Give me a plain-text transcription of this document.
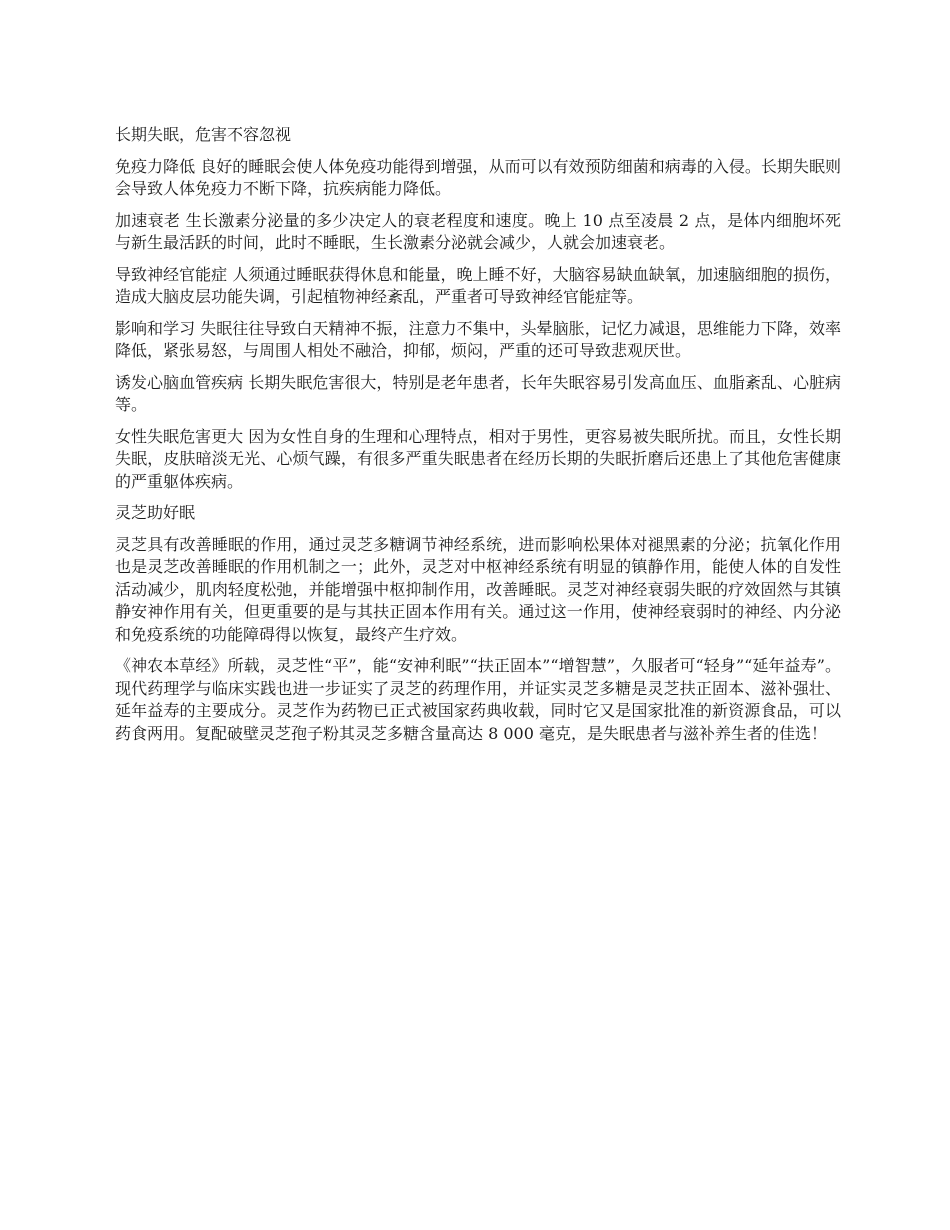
长期失眠，危害不容忽视

免疫力降低 良好的睡眠会使人体免疫功能得到增强，从而可以有效预防细菌和病毒的入侵。长期失眠则会导致人体免疫力不断下降，抗疾病能力降低。

加速衰老 生长激素分泌量的多少决定人的衰老程度和速度。晚上 10 点至凌晨 2 点，是体内细胞坏死与新生最活跃的时间，此时不睡眠，生长激素分泌就会减少，人就会加速衰老。

导致神经官能症 人须通过睡眠获得休息和能量，晚上睡不好，大脑容易缺血缺氧，加速脑细胞的损伤，造成大脑皮层功能失调，引起植物神经紊乱，严重者可导致神经官能症等。

影响和学习 失眠往往导致白天精神不振，注意力不集中，头晕脑胀，记忆力减退，思维能力下降，效率降低，紧张易怒，与周围人相处不融洽，抑郁，烦闷，严重的还可导致悲观厌世。

诱发心脑血管疾病 长期失眠危害很大，特别是老年患者，长年失眠容易引发高血压、血脂紊乱、心脏病等。

女性失眠危害更大 因为女性自身的生理和心理特点，相对于男性，更容易被失眠所扰。而且，女性长期失眠，皮肤暗淡无光、心烦气躁，有很多严重失眠患者在经历长期的失眠折磨后还患上了其他危害健康的严重躯体疾病。

灵芝助好眠

灵芝具有改善睡眠的作用，通过灵芝多糖调节神经系统，进而影响松果体对褪黑素的分泌；抗氧化作用也是灵芝改善睡眠的作用机制之一；此外，灵芝对中枢神经系统有明显的镇静作用，能使人体的自发性活动减少，肌肉轻度松弛，并能增强中枢抑制作用，改善睡眠。灵芝对神经衰弱失眠的疗效固然与其镇静安神作用有关，但更重要的是与其扶正固本作用有关。通过这一作用，使神经衰弱时的神经、内分泌和免疫系统的功能障碍得以恢复，最终产生疗效。

《神农本草经》所载，灵芝性“平”，能“安神利眠”“扶正固本”“增智慧”，久服者可“轻身”“延年益寿”。现代药理学与临床实践也进一步证实了灵芝的药理作用，并证实灵芝多糖是灵芝扶正固本、滋补强壮、延年益寿的主要成分。灵芝作为药物已正式被国家药典收载，同时它又是国家批准的新资源食品，可以药食两用。复配破壁灵芝孢子粉其灵芝多糖含量高达 8 000 毫克，是失眠患者与滋补养生者的佳选！
